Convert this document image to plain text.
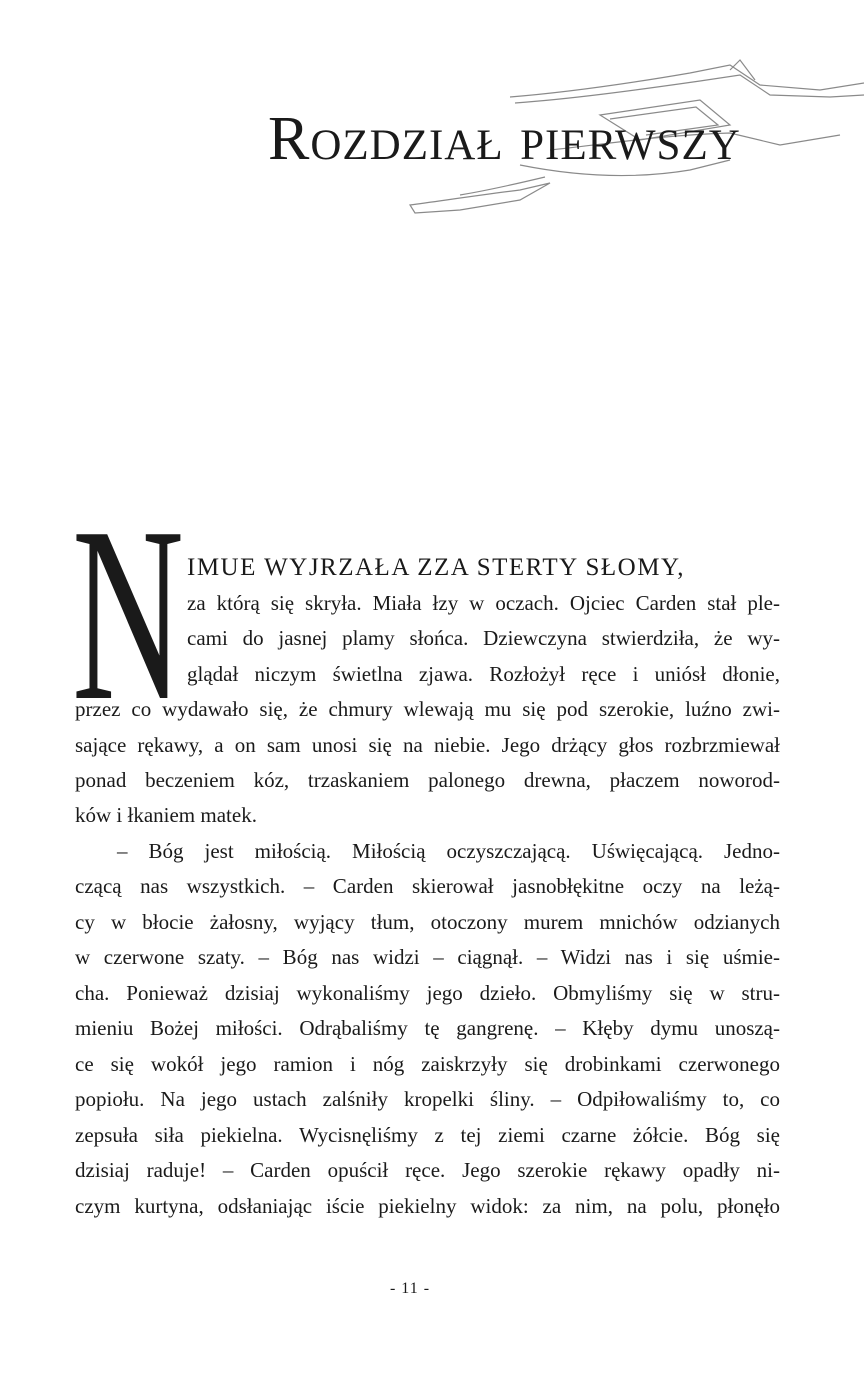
Rozdział pierwszy
N IMUE WYJRZAŁA ZZA STERTY SŁOMY,
za którą się skryła. Miała łzy w oczach. Ojciec Carden stał ple-
cami do jasnej plamy słońca. Dziewczyna stwierdziła, że wy-
glądał niczym świetlna zjawa. Rozłożył ręce i uniósł dłonie,
przez co wydawało się, że chmury wlewają mu się pod szerokie, luźno zwi-
sające rękawy, a on sam unosi się na niebie. Jego drżący głos rozbrzmiewał
ponad beczeniem kóz, trzaskaniem palonego drewna, płaczem noworod-
ków i łkaniem matek.
– Bóg jest miłością. Miłością oczyszczającą. Uświęcającą. Jedno-
czącą nas wszystkich. – Carden skierował jasnobłękitne oczy na leżą-
cy w błocie żałosny, wyjący tłum, otoczony murem mnichów odzianych
w czerwone szaty. – Bóg nas widzi – ciągnął. – Widzi nas i się uśmie-
cha. Ponieważ dzisiaj wykonaliśmy jego dzieło. Obmyliśmy się w stru-
mieniu Bożej miłości. Odrąbaliśmy tę gangrenę. – Kłęby dymu unoszą-
ce się wokół jego ramion i nóg zaiskrzyły się drobinkami czerwonego
popiołu. Na jego ustach zalśniły kropelki śliny. – Odpiłowaliśmy to, co
zepsuła siła piekielna. Wycisnęliśmy z tej ziemi czarne żółcie. Bóg się
dzisiaj raduje! – Carden opuścił ręce. Jego szerokie rękawy opadły ni-
czym kurtyna, odsłaniając iście piekielny widok: za nim, na polu, płonęło
- 11 -
